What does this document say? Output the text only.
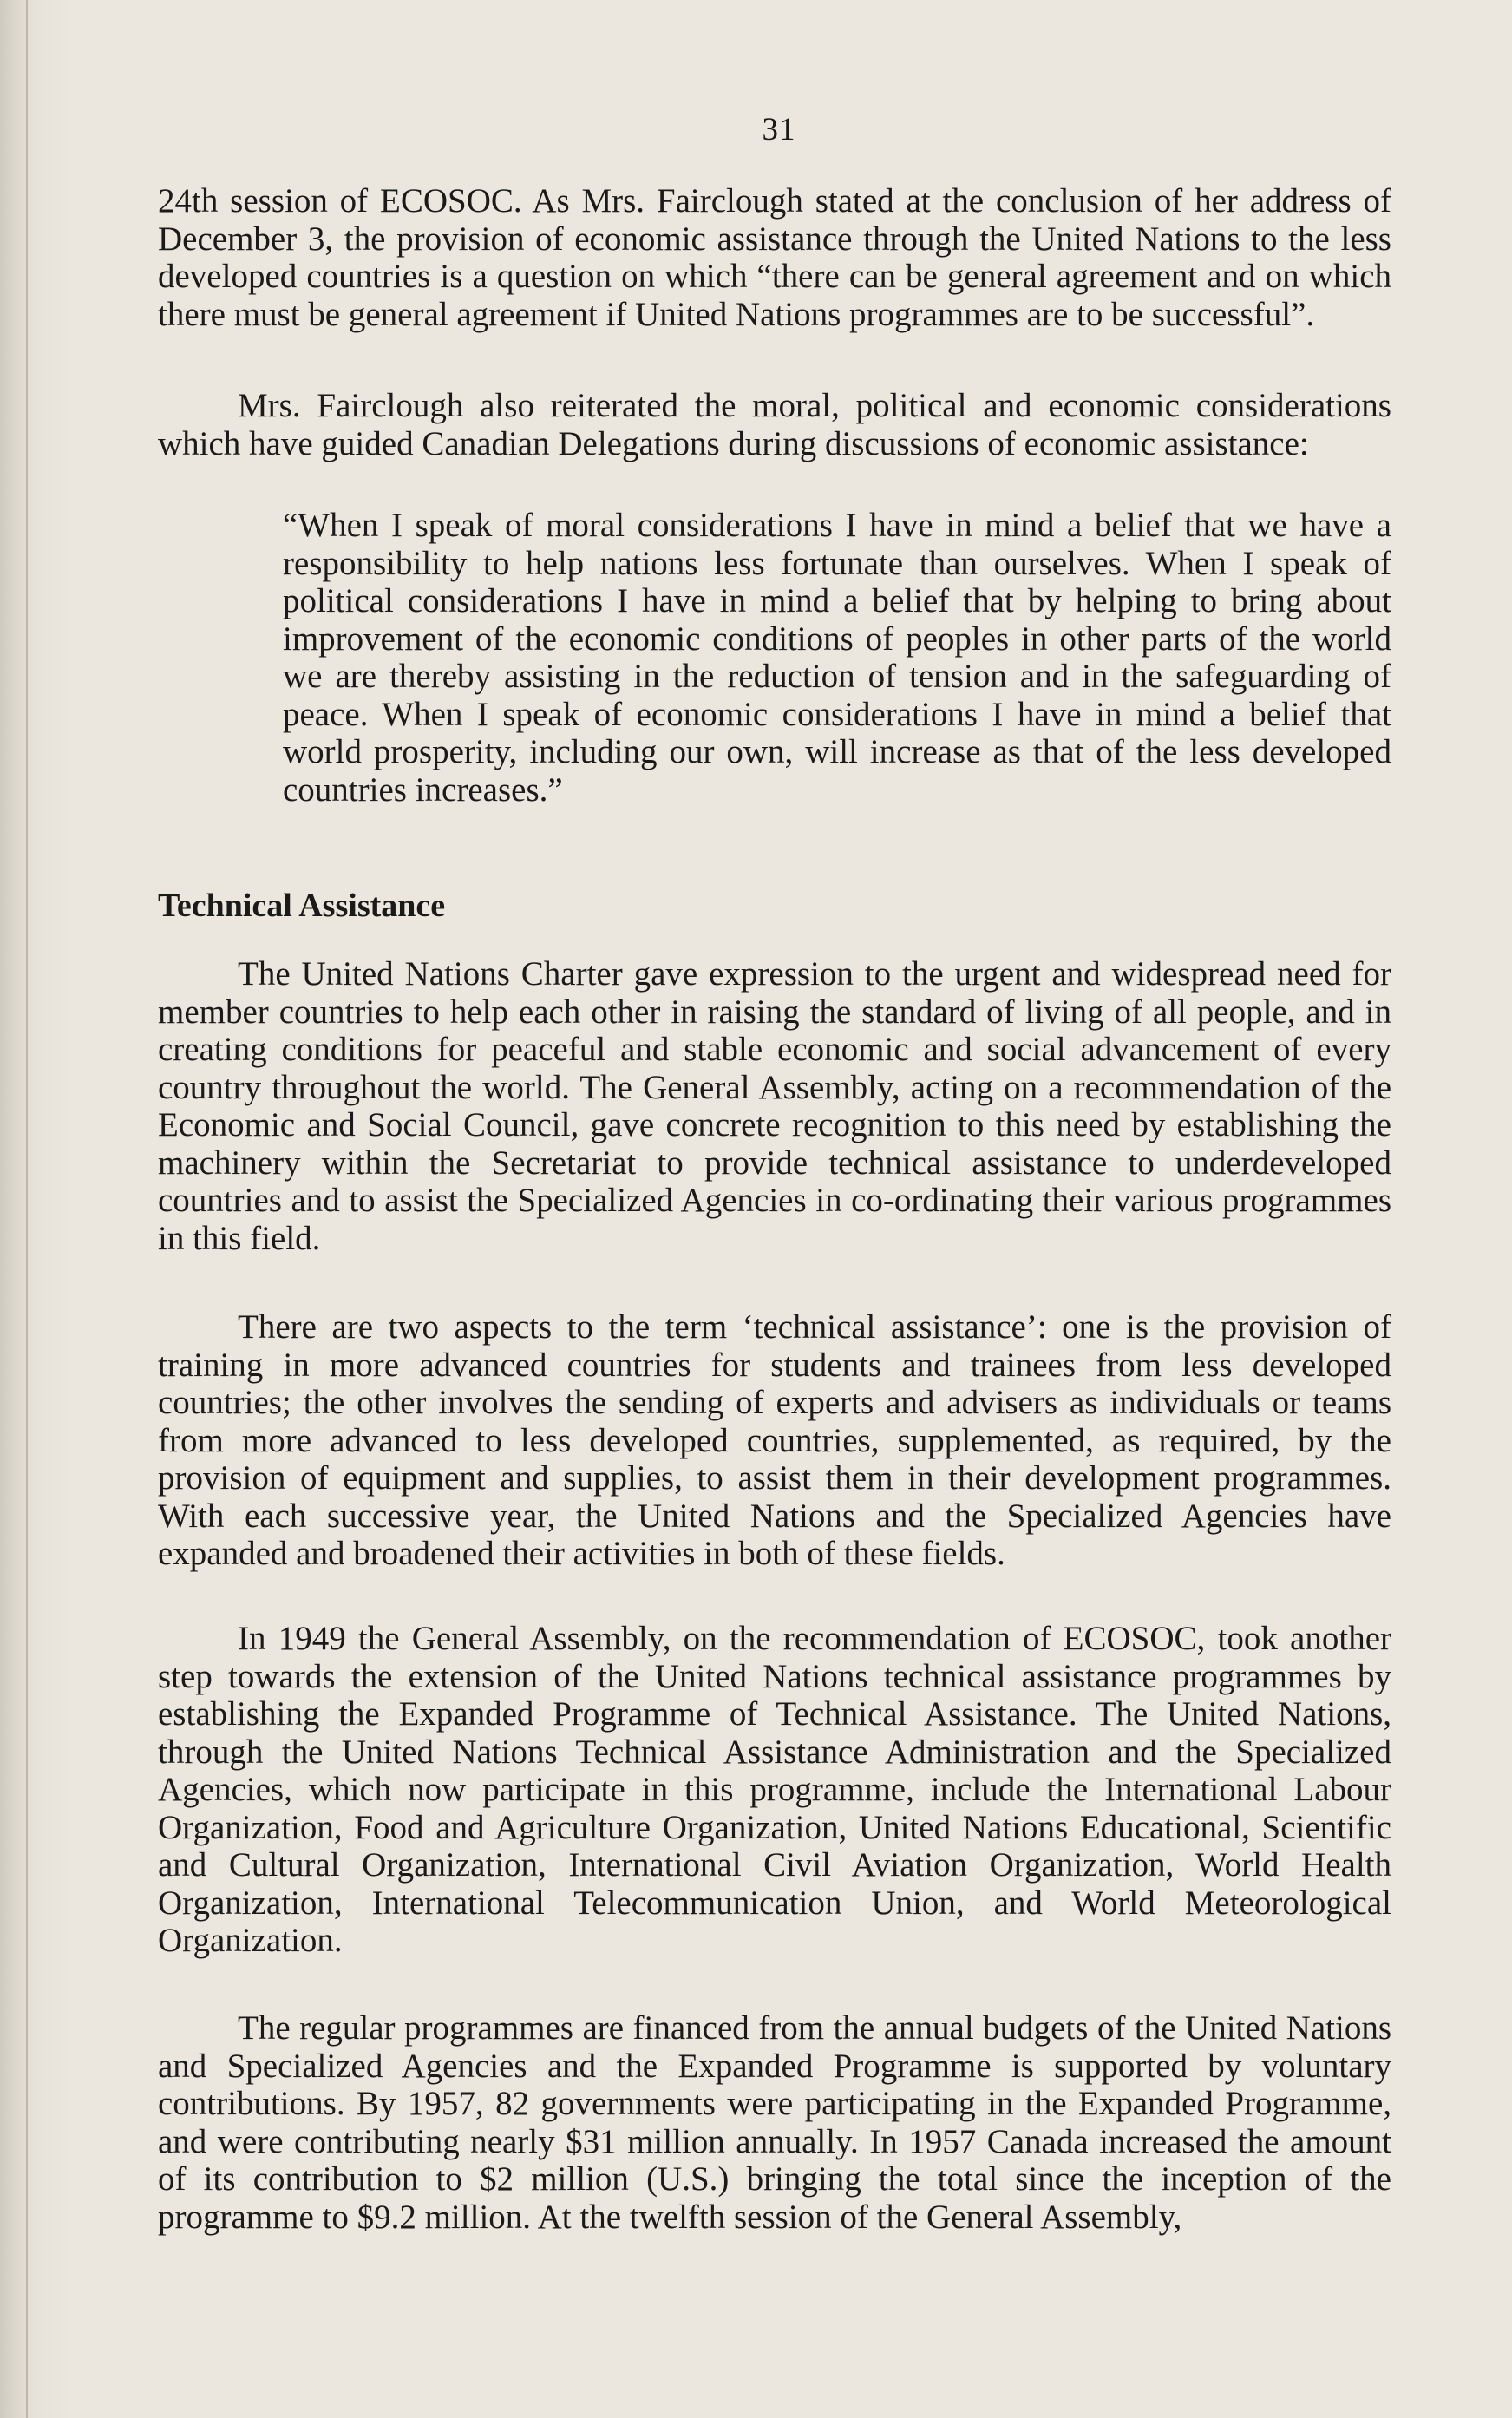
31

24th session of ECOSOC. As Mrs. Fairclough stated at the conclusion of her address of December 3, the provision of economic assistance through the United Nations to the less developed countries is a question on which “there can be general agreement and on which there must be general agreement if United Nations programmes are to be successful”.

Mrs. Fairclough also reiterated the moral, political and economic considerations which have guided Canadian Delegations during discussions of economic assistance:

“When I speak of moral considerations I have in mind a belief that we have a responsibility to help nations less fortunate than ourselves. When I speak of political considerations I have in mind a belief that by helping to bring about improvement of the economic conditions of peoples in other parts of the world we are thereby assisting in the reduction of tension and in the safeguarding of peace. When I speak of economic considerations I have in mind a belief that world prosperity, including our own, will increase as that of the less developed countries increases.”

Technical Assistance

The United Nations Charter gave expression to the urgent and widespread need for member countries to help each other in raising the standard of living of all people, and in creating conditions for peaceful and stable economic and social advancement of every country throughout the world. The General Assembly, acting on a recommendation of the Economic and Social Council, gave concrete recognition to this need by establishing the machinery within the Secretariat to provide technical assistance to underdeveloped countries and to assist the Specialized Agencies in co-ordinating their various programmes in this field.

There are two aspects to the term ‘technical assistance’: one is the provision of training in more advanced countries for students and trainees from less developed countries; the other involves the sending of experts and advisers as individuals or teams from more advanced to less developed countries, supplemented, as required, by the provision of equipment and supplies, to assist them in their development programmes. With each successive year, the United Nations and the Specialized Agencies have expanded and broadened their activities in both of these fields.

In 1949 the General Assembly, on the recommendation of ECOSOC, took another step towards the extension of the United Nations technical assistance programmes by establishing the Expanded Programme of Technical Assistance. The United Nations, through the United Nations Technical Assistance Administration and the Specialized Agencies, which now participate in this programme, include the International Labour Organization, Food and Agriculture Organization, United Nations Educational, Scientific and Cultural Organization, International Civil Aviation Organization, World Health Organization, International Telecommunication Union, and World Meteorological Organization.

The regular programmes are financed from the annual budgets of the United Nations and Specialized Agencies and the Expanded Programme is supported by voluntary contributions. By 1957, 82 governments were participating in the Expanded Programme, and were contributing nearly $31 million annually. In 1957 Canada increased the amount of its contribution to $2 million (U.S.) bringing the total since the inception of the programme to $9.2 million. At the twelfth session of the General Assembly,
